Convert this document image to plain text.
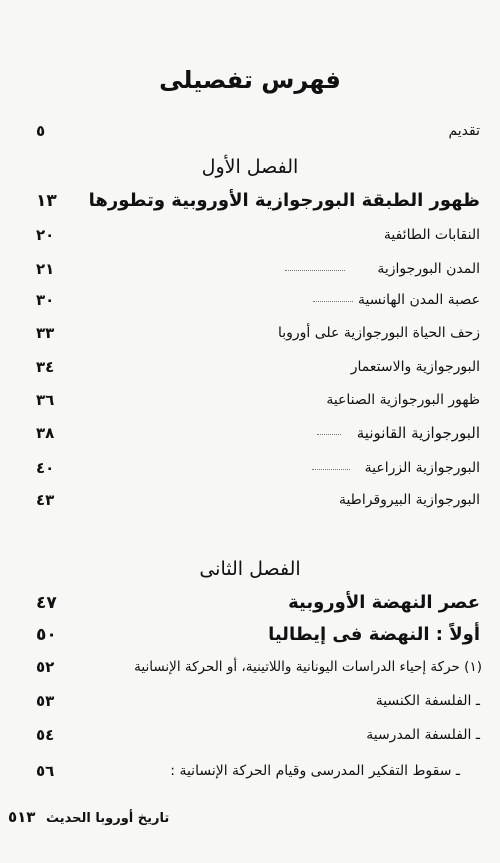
فهرس تفصيلى
تقديم
٥
الفصل الأول
ظهور الطبقة البورجوازية الأوروبية وتطورها
١٣
النقابات الطائفية
٢٠
المدن البورجوازية
٢١
عصبة المدن الهانسية
٣٠
زحف الحياة البورجوازية على أوروبا
٣٣
البورجوازية والاستعمار
٣٤
ظهور البورجوازية الصناعية
٣٦
البورجوازية القانونية
٣٨
البورجوازية الزراعية
٤٠
البورجوازية البيروقراطية
٤٣
الفصل الثانى
عصر النهضة الأوروبية
٤٧
أولاً : النهضة فى إيطاليا
٥٠
(١) حركة إحياء الدراسات اليونانية واللاتينية، أو الحركة الإنسانية
٥٢
ـ الفلسفة الكنسية
٥٣
ـ الفلسفة المدرسية
٥٤
ـ سقوط التفكير المدرسى وقيام الحركة الإنسانية :
٥٦
تاريخ أوروبا الحديث ٥١٣
